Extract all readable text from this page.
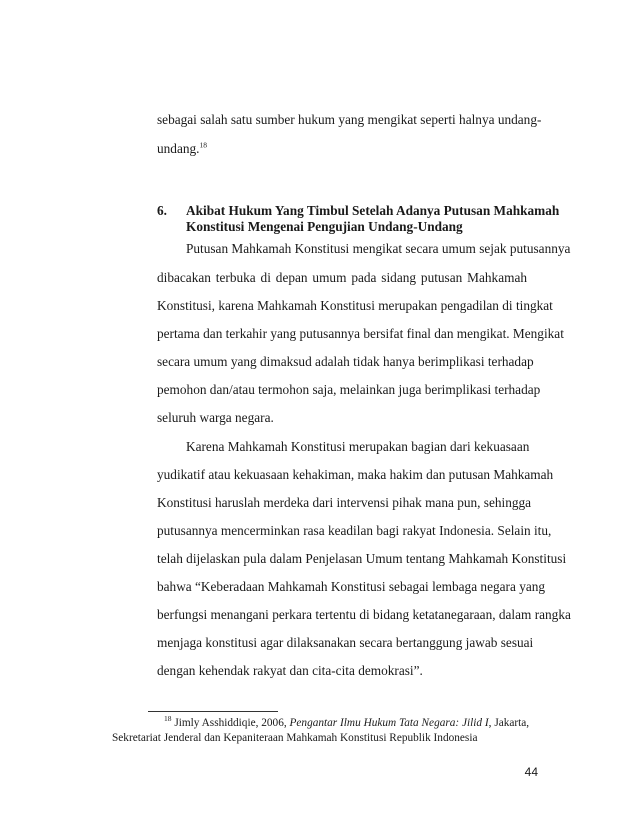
sebagai salah satu sumber hukum yang mengikat seperti halnya undang-
undang.$^{18}$
6. Akibat Hukum Yang Timbul Setelah Adanya Putusan Mahkamah
Konstitusi Mengenai Pengujian Undang-Undang
Putusan Mahkamah Konstitusi mengikat secara umum sejak putusannya
dibacakan terbuka di depan umum pada sidang putusan Mahkamah
Konstitusi, karena Mahkamah Konstitusi merupakan pengadilan di tingkat
pertama dan terkahir yang putusannya bersifat final dan mengikat. Mengikat
secara umum yang dimaksud adalah tidak hanya berimplikasi terhadap
pemohon dan/atau termohon saja, melainkan juga berimplikasi terhadap
seluruh warga negara.
Karena Mahkamah Konstitusi merupakan bagian dari kekuasaan
yudikatif atau kekuasaan kehakiman, maka hakim dan putusan Mahkamah
Konstitusi haruslah merdeka dari intervensi pihak mana pun, sehingga
putusannya mencerminkan rasa keadilan bagi rakyat Indonesia. Selain itu,
telah dijelaskan pula dalam Penjelasan Umum tentang Mahkamah Konstitusi
bahwa “Keberadaan Mahkamah Konstitusi sebagai lembaga negara yang
berfungsi menangani perkara tertentu di bidang ketatanegaraan, dalam rangka
menjaga konstitusi agar dilaksanakan secara bertanggung jawab sesuai
dengan kehendak rakyat dan cita-cita demokrasi”.
$^{18}$ Jimly Asshiddiqie, 2006, Pengantar Ilmu Hukum Tata Negara: Jilid I, Jakarta,
Sekretariat Jenderal dan Kepaniteraan Mahkamah Konstitusi Republik Indonesia
44
